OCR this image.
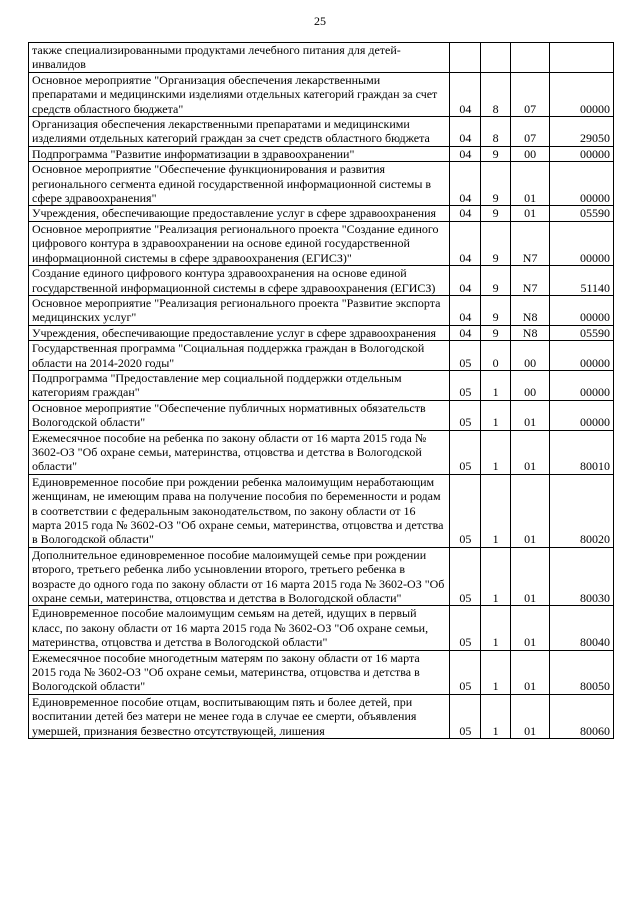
25
также специализированными продуктами лечебного питания для детей-инвалидов				
Основное мероприятие "Организация обеспечения лекарственными препаратами и медицинскими изделиями отдельных категорий граждан за счет средств областного бюджета"	04	8	07	00000
Организация обеспечения лекарственными препаратами и медицинскими изделиями отдельных категорий граждан за счет средств областного бюджета	04	8	07	29050
Подпрограмма "Развитие информатизации в здравоохранении"	04	9	00	00000
Основное мероприятие "Обеспечение функционирования и развития регионального сегмента единой государственной информационной системы в сфере здравоохранения"	04	9	01	00000
Учреждения, обеспечивающие предоставление услуг в сфере здравоохранения	04	9	01	05590
Основное мероприятие "Реализация регионального проекта "Создание единого цифрового контура в здравоохранении на основе единой государственной информационной системы в сфере здравоохранения (ЕГИСЗ)"	04	9	N7	00000
Создание единого цифрового контура здравоохранения на основе единой государственной информационной системы в сфере здравоохранения (ЕГИСЗ)	04	9	N7	51140
Основное мероприятие "Реализация регионального проекта "Развитие экспорта медицинских услуг"	04	9	N8	00000
Учреждения, обеспечивающие предоставление услуг в сфере здравоохранения	04	9	N8	05590
Государственная программа "Социальная поддержка граждан в Вологодской области на 2014-2020 годы"	05	0	00	00000
Подпрограмма "Предоставление мер социальной поддержки отдельным категориям граждан"	05	1	00	00000
Основное мероприятие "Обеспечение публичных нормативных обязательств Вологодской области"	05	1	01	00000
Ежемесячное пособие на ребенка по закону области от 16 марта 2015 года № 3602-ОЗ "Об охране семьи, материнства, отцовства и детства в Вологодской области"	05	1	01	80010
Единовременное пособие при рождении ребенка малоимущим неработающим женщинам, не имеющим права на получение пособия по беременности и родам в соответствии с федеральным законодательством, по закону области от 16 марта 2015 года № 3602-ОЗ "Об охране семьи, материнства, отцовства и детства в Вологодской области"	05	1	01	80020
Дополнительное единовременное пособие малоимущей семье при рождении второго, третьего ребенка либо усыновлении второго, третьего ребенка в возрасте до одного года по закону области от 16 марта 2015 года № 3602-ОЗ "Об охране семьи, материнства, отцовства и детства в Вологодской области"	05	1	01	80030
Единовременное пособие малоимущим семьям на детей, идущих в первый класс, по закону области от 16 марта 2015 года № 3602-ОЗ "Об охране семьи, материнства, отцовства и детства в Вологодской области"	05	1	01	80040
Ежемесячное пособие многодетным матерям по закону области от 16 марта 2015 года № 3602-ОЗ "Об охране семьи, материнства, отцовства и детства в Вологодской области"	05	1	01	80050
Единовременное пособие отцам, воспитывающим пять и более детей, при воспитании детей без матери не менее года в случае ее смерти, объявления умершей, признания безвестно отсутствующей, лишения	05	1	01	80060
